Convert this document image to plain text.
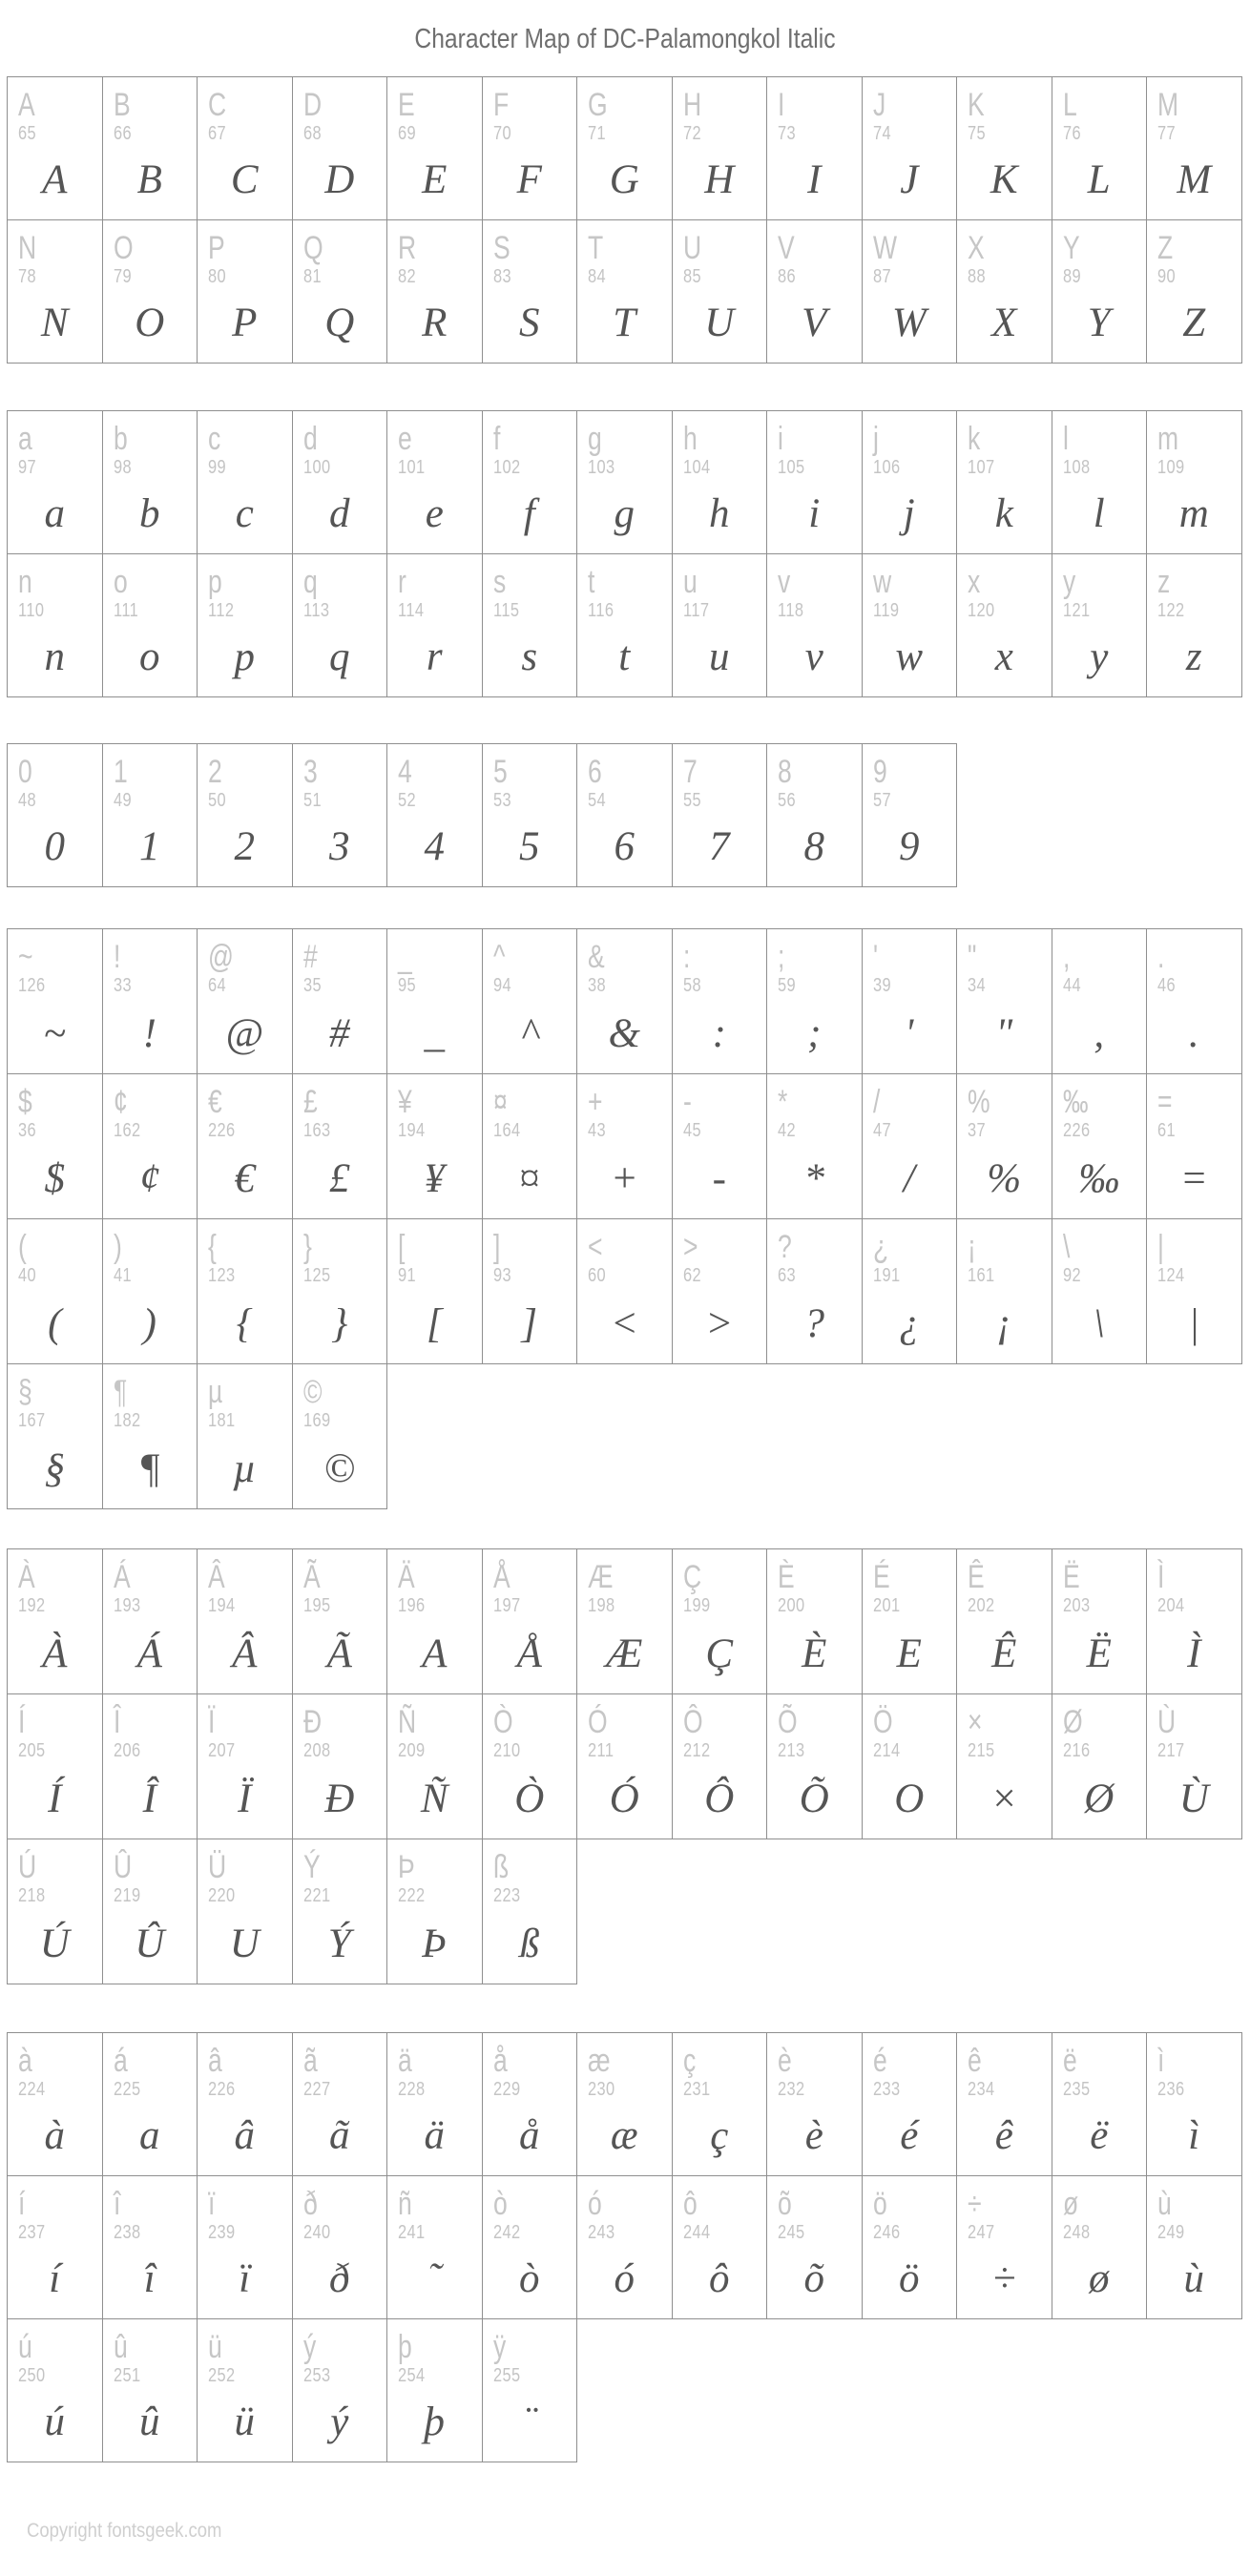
Character Map of DC-Palamongkol Italic
A
65
A
B
66
B
C
67
C
D
68
D
E
69
E
F
70
F
G
71
G
H
72
H
I
73
I
J
74
J
K
75
K
L
76
L
M
77
M
N
78
N
O
79
O
P
80
P
Q
81
Q
R
82
R
S
83
S
T
84
T
U
85
U
V
86
V
W
87
W
X
88
X
Y
89
Y
Z
90
Z
a
97
a
b
98
b
c
99
c
d
100
d
e
101
e
f
102
f
g
103
g
h
104
h
i
105
i
j
106
j
k
107
k
l
108
l
m
109
m
n
110
n
o
111
o
p
112
p
q
113
q
r
114
r
s
115
s
t
116
t
u
117
u
v
118
v
w
119
w
x
120
x
y
121
y
z
122
z
0
48
0
1
49
1
2
50
2
3
51
3
4
52
4
5
53
5
6
54
6
7
55
7
8
56
8
9
57
9
~
126
~
!
33
!
@
64
@
#
35
#
_
95
_
^
94
^
&
38
&
:
58
:
;
59
;
'
39
'
"
34
"
,
44
,
.
46
.
$
36
$
¢
162
¢
€
226
€
£
163
£
¥
194
¥
¤
164
¤
+
43
+
-
45
-
*
42
*
/
47
/
%
37
%
‰
226
‰
=
61
=
(
40
(
)
41
)
{
123
{
}
125
}
[
91
[
]
93
]
<
60
<
>
62
>
?
63
?
¿
191
¿
¡
161
¡
\
92
\
|
124
|
§
167
§
¶
182
¶
µ
181
µ
©
169
©
À
192
À
Á
193
Á
Â
194
Â
Ã
195
Ã
Ä
196
A
Å
197
Å
Æ
198
Æ
Ç
199
Ç
È
200
È
É
201
E
Ê
202
Ê
Ë
203
Ë
Ì
204
Ì
Í
205
Í
Î
206
Î
Ï
207
Ï
Ð
208
Ð
Ñ
209
Ñ
Ò
210
Ò
Ó
211
Ó
Ô
212
Ô
Õ
213
Õ
Ö
214
O
×
215
×
Ø
216
Ø
Ù
217
Ù
Ú
218
Ú
Û
219
Û
Ü
220
U
Ý
221
Ý
Þ
222
Þ
ß
223
ß
à
224
à
á
225
a
â
226
â
ã
227
ã
ä
228
ä
å
229
å
æ
230
æ
ç
231
ç
è
232
è
é
233
é
ê
234
ê
ë
235
ë
ì
236
ì
í
237
í
î
238
î
ï
239
ï
ð
240
ð
ñ
241
˜
ò
242
ò
ó
243
ó
ô
244
ô
õ
245
õ
ö
246
ö
÷
247
÷
ø
248
ø
ù
249
ù
ú
250
ú
û
251
û
ü
252
ü
ý
253
ý
þ
254
þ
ÿ
255
¨
Copyright fontsgeek.com
